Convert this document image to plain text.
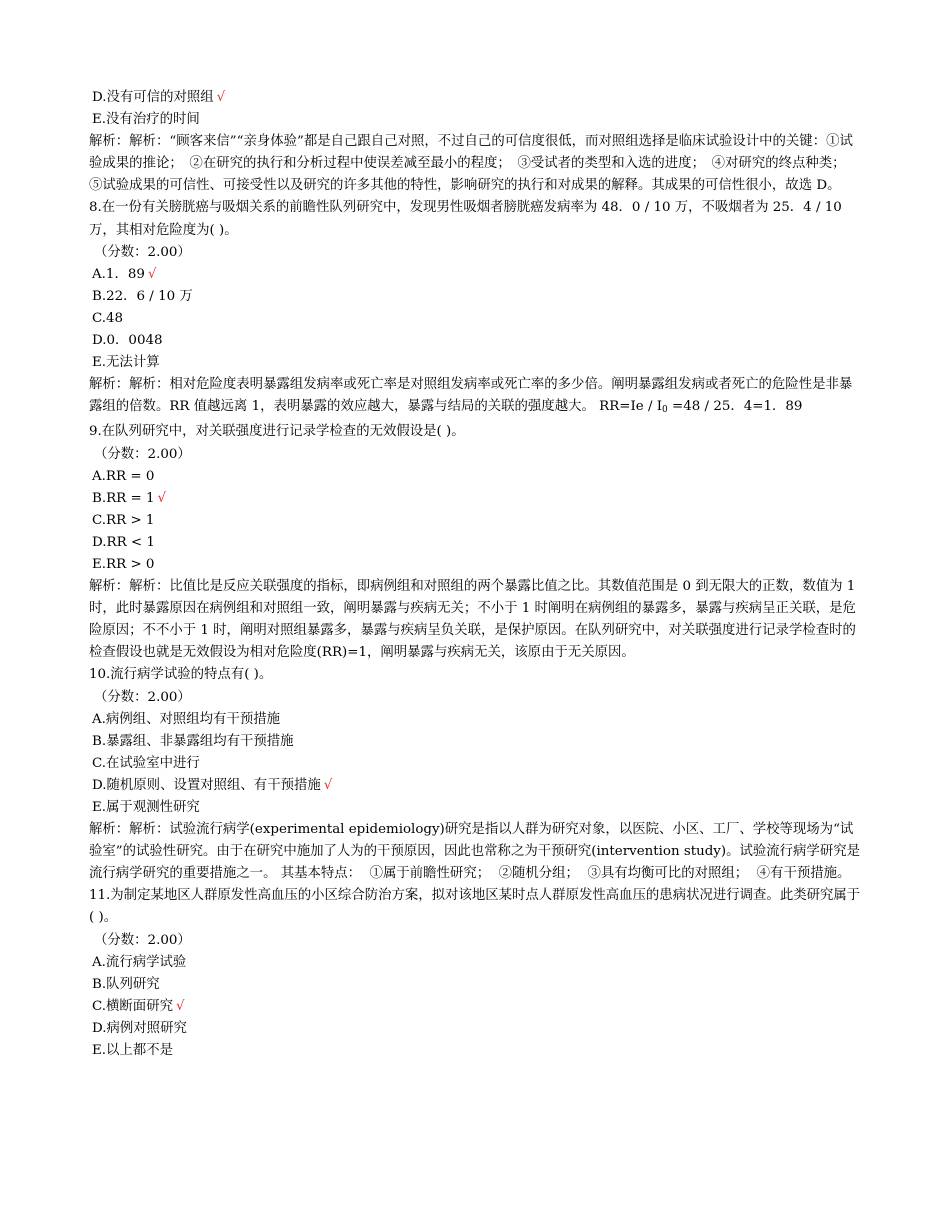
D.没有可信的对照组 √
E.没有治疗的时间
解析：解析：“顾客来信”“亲身体验”都是自己跟自己对照，不过自己的可信度很低，而对照组选择是临床试验设计中的关键：①试验成果的推论；　②在研究的执行和分析过程中使误差减至最小的程度；　③受试者的类型和入选的进度；　④对研究的终点种类；　⑤试验成果的可信性、可接受性以及研究的许多其他的特性，影响研究的执行和对成果的解释。其成果的可信性很小，故选 D。
8.在一份有关膀胱癌与吸烟关系的前瞻性队列研究中，发现男性吸烟者膀胱癌发病率为 48．0 / 10 万，不吸烟者为 25．4 / 10 万，其相对危险度为( )。
（分数：2.00）
A.1．89 √
B.22．6 / 10 万
C.48
D.0．0048
E.无法计算
解析：解析：相对危险度表明暴露组发病率或死亡率是对照组发病率或死亡率的多少倍。阐明暴露组发病或者死亡的危险性是非暴露组的倍数。RR 值越远离 1，表明暴露的效应越大，暴露与结局的关联的强度越大。 $RR=Ie / I_0 =48 / 25$．4=1．89
9.在队列研究中，对关联强度进行记录学检查的无效假设是( )。
（分数：2.00）
A.RR = 0
B.RR = 1 √
C.RR > 1
D.RR < 1
E.RR > 0
解析：解析：比值比是反应关联强度的指标，即病例组和对照组的两个暴露比值之比。其数值范围是 0 到无限大的正数，数值为 1 时，此时暴露原因在病例组和对照组一致，阐明暴露与疾病无关；不小于 1 时阐明在病例组的暴露多，暴露与疾病呈正关联，是危险原因；不不小于 1 时，阐明对照组暴露多，暴露与疾病呈负关联，是保护原因。在队列研究中，对关联强度进行记录学检查时的检查假设也就是无效假设为相对危险度(RR)=1，阐明暴露与疾病无关，该原由于无关原因。
10.流行病学试验的特点有( )。
（分数：2.00）
A.病例组、对照组均有干预措施
B.暴露组、非暴露组均有干预措施
C.在试验室中进行
D.随机原则、设置对照组、有干预措施 √
E.属于观测性研究
解析：解析：试验流行病学(experimental epidemiology)研究是指以人群为研究对象，以医院、小区、工厂、学校等现场为“试验室”的试验性研究。由于在研究中施加了人为的干预原因，因此也常称之为干预研究(intervention study)。试验流行病学研究是流行病学研究的重要措施之一。 其基本特点：  ①属于前瞻性研究；  ②随机分组；  ③具有均衡可比的对照组；  ④有干预措施。
11.为制定某地区人群原发性高血压的小区综合防治方案，拟对该地区某时点人群原发性高血压的患病状况进行调查。此类研究属于( )。
（分数：2.00）
A.流行病学试验
B.队列研究
C.横断面研究 √
D.病例对照研究
E.以上都不是
